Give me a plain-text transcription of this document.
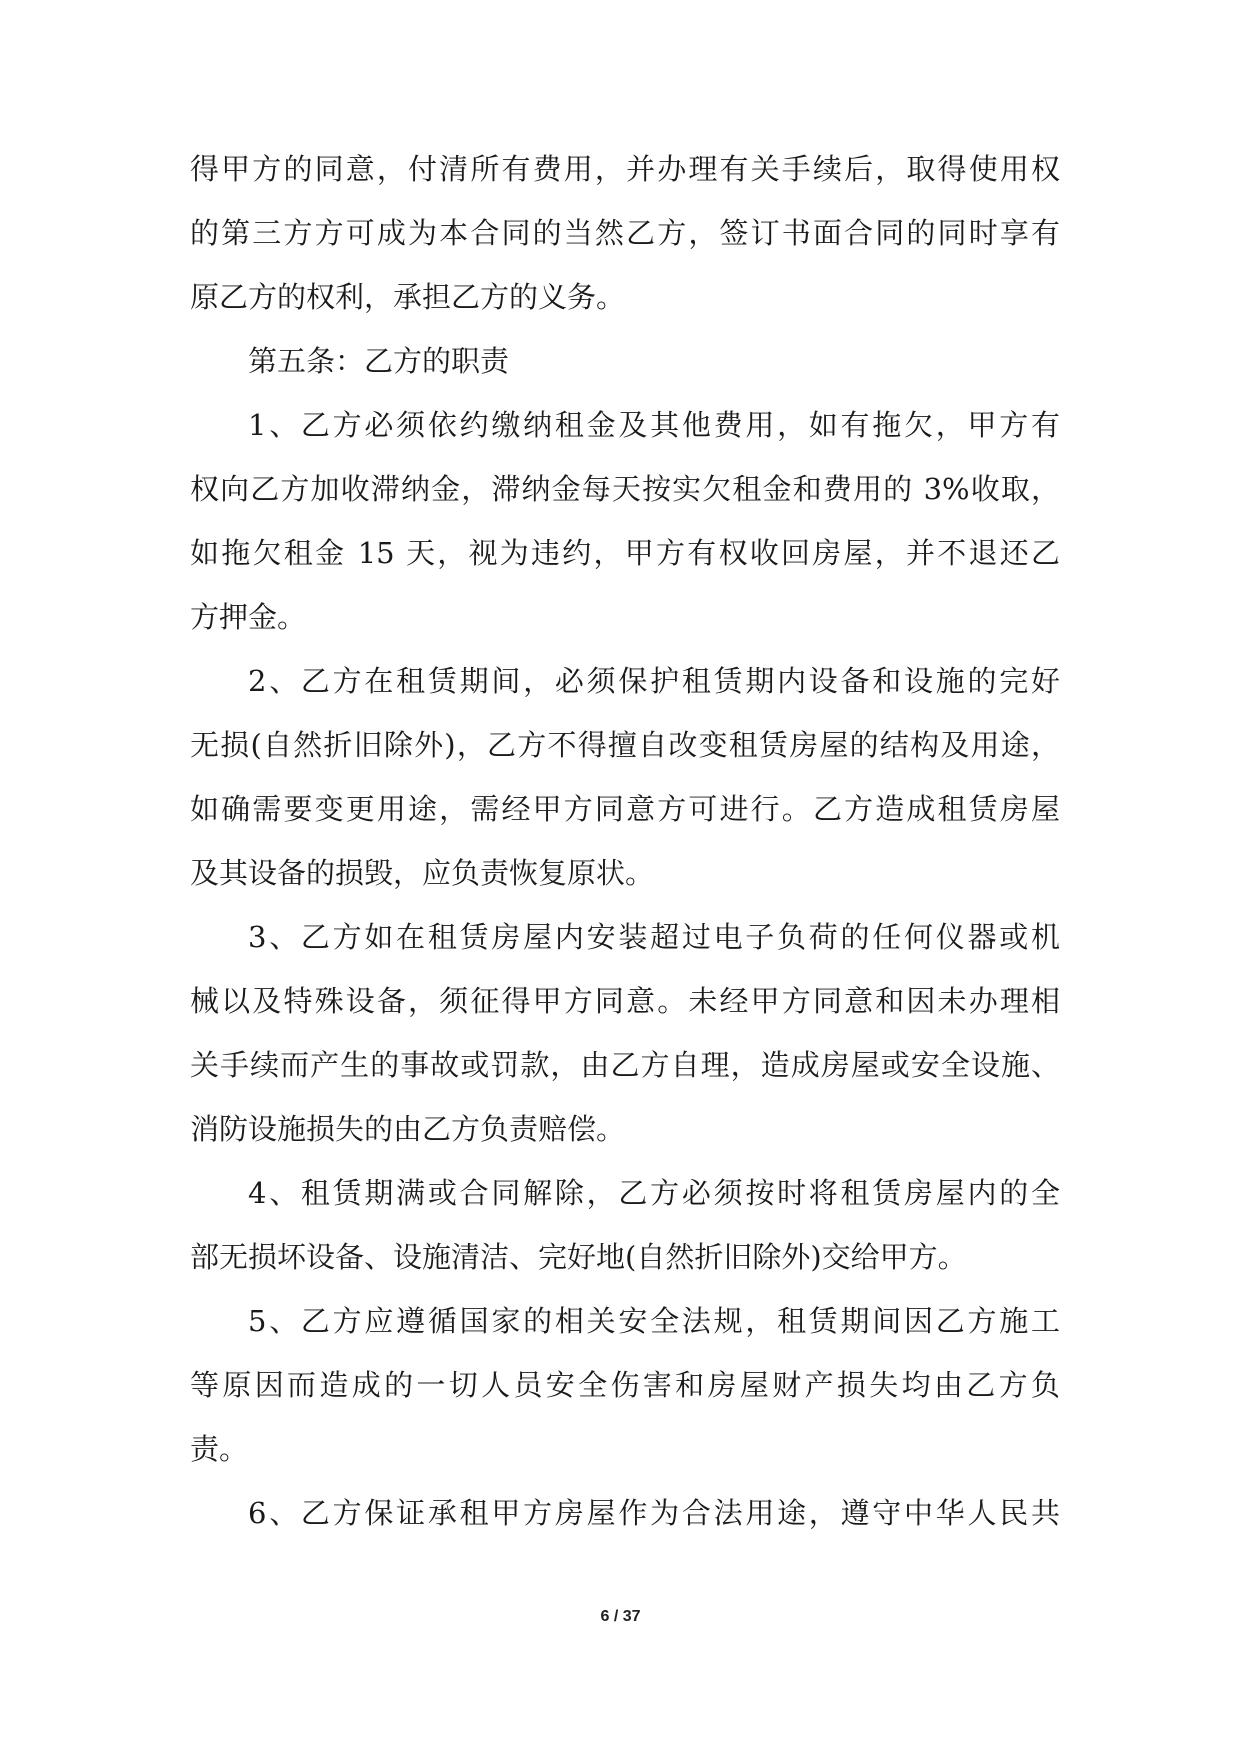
得甲方的同意，付清所有费用，并办理有关手续后，取得使用权
的第三方方可成为本合同的当然乙方，签订书面合同的同时享有
原乙方的权利，承担乙方的义务。
第五条：乙方的职责
1、乙方必须依约缴纳租金及其他费用，如有拖欠，甲方有
权向乙方加收滞纳金，滞纳金每天按实欠租金和费用的 3%收取，
如拖欠租金 15 天，视为违约，甲方有权收回房屋，并不退还乙
方押金。
2、乙方在租赁期间，必须保护租赁期内设备和设施的完好
无损(自然折旧除外)，乙方不得擅自改变租赁房屋的结构及用途，
如确需要变更用途，需经甲方同意方可进行。乙方造成租赁房屋
及其设备的损毁，应负责恢复原状。
3、乙方如在租赁房屋内安装超过电子负荷的任何仪器或机
械以及特殊设备，须征得甲方同意。未经甲方同意和因未办理相
关手续而产生的事故或罚款，由乙方自理，造成房屋或安全设施、
消防设施损失的由乙方负责赔偿。
4、租赁期满或合同解除，乙方必须按时将租赁房屋内的全
部无损坏设备、设施清洁、完好地(自然折旧除外)交给甲方。
5、乙方应遵循国家的相关安全法规，租赁期间因乙方施工
等原因而造成的一切人员安全伤害和房屋财产损失均由乙方负
责。
6、乙方保证承租甲方房屋作为合法用途，遵守中华人民共
6 / 37
